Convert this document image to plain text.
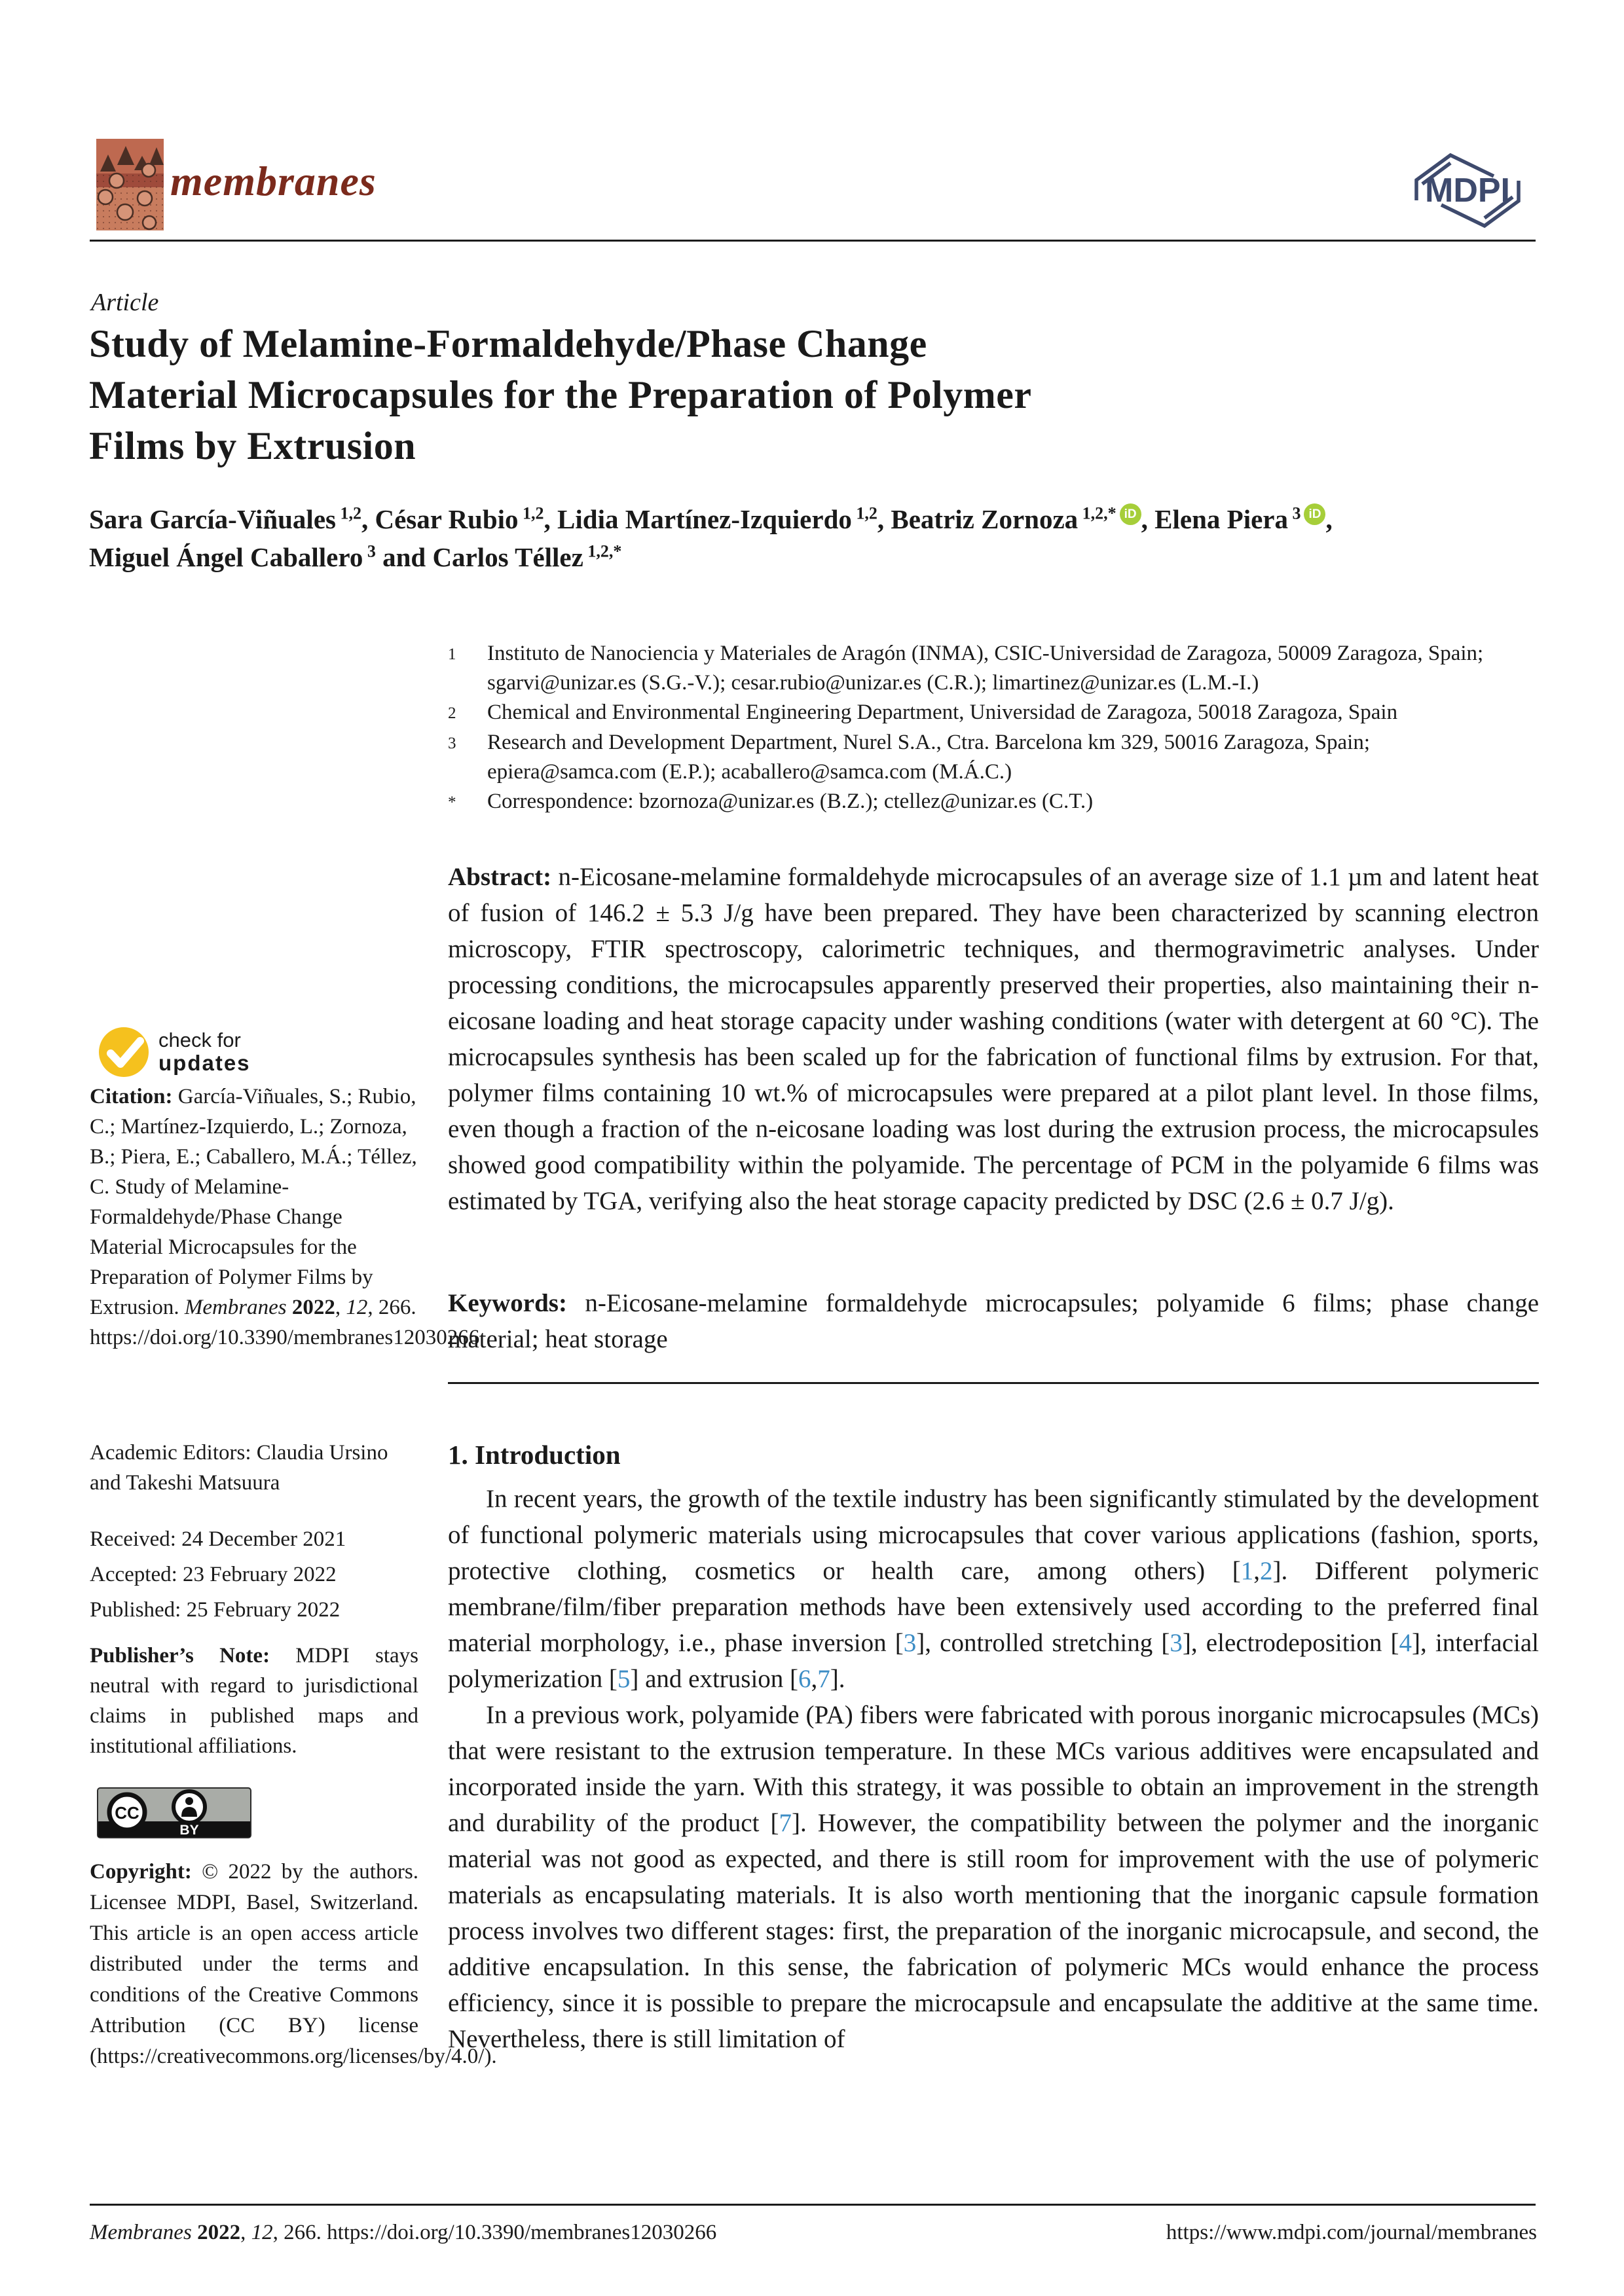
membranes	MDPI
Article
Study of Melamine-Formaldehyde/Phase Change
Material Microcapsules for the Preparation of Polymer
Films by Extrusion
Sara García-Viñuales $^{1,2}$, César Rubio $^{1,2}$, Lidia Martínez-Izquierdo $^{1,2}$, Beatriz Zornoza $^{1,2,*}$ iD , Elena Piera $^3$ iD ,
Miguel Ángel Caballero $^3$ and Carlos Téllez $^{1,2,*}$
1	Instituto de Nanociencia y Materiales de Aragón (INMA), CSIC-Universidad de Zaragoza, 50009 Zaragoza, Spain; sgarvi@unizar.es (S.G.-V.); cesar.rubio@unizar.es (C.R.); limartinez@unizar.es (L.M.-I.)
2	Chemical and Environmental Engineering Department, Universidad de Zaragoza, 50018 Zaragoza, Spain
3	Research and Development Department, Nurel S.A., Ctra. Barcelona km 329, 50016 Zaragoza, Spain; epiera@samca.com (E.P.); acaballero@samca.com (M.Á.C.)
*	Correspondence: bzornoza@unizar.es (B.Z.); ctellez@unizar.es (C.T.)
Abstract: n-Eicosane-melamine formaldehyde microcapsules of an average size of 1.1 µm and latent heat of fusion of 146.2 ± 5.3 J/g have been prepared. They have been characterized by scanning electron microscopy, FTIR spectroscopy, calorimetric techniques, and thermogravimetric analyses. Under processing conditions, the microcapsules apparently preserved their properties, also maintaining their n-eicosane loading and heat storage capacity under washing conditions (water with detergent at 60 °C). The microcapsules synthesis has been scaled up for the fabrication of functional films by extrusion. For that, polymer films containing 10 wt.% of microcapsules were prepared at a pilot plant level. In those films, even though a fraction of the n-eicosane loading was lost during the extrusion process, the microcapsules showed good compatibility within the polyamide. The percentage of PCM in the polyamide 6 films was estimated by TGA, verifying also the heat storage capacity predicted by DSC (2.6 ± 0.7 J/g).
Keywords: n-Eicosane-melamine formaldehyde microcapsules; polyamide 6 films; phase change material; heat storage
1. Introduction

In recent years, the growth of the textile industry has been significantly stimulated by the development of functional polymeric materials using microcapsules that cover various applications (fashion, sports, protective clothing, cosmetics or health care, among others) [1,2]. Different polymeric membrane/film/fiber preparation methods have been extensively used according to the preferred final material morphology, i.e., phase inversion [3], controlled stretching [3], electrodeposition [4], interfacial polymerization [5] and extrusion [6,7].

In a previous work, polyamide (PA) fibers were fabricated with porous inorganic microcapsules (MCs) that were resistant to the extrusion temperature. In these MCs various additives were encapsulated and incorporated inside the yarn. With this strategy, it was possible to obtain an improvement in the strength and durability of the product [7]. However, the compatibility between the polymer and the inorganic material was not good as expected, and there is still room for improvement with the use of polymeric materials as encapsulating materials. It is also worth mentioning that the inorganic capsule formation process involves two different stages: first, the preparation of the inorganic microcapsule, and second, the additive encapsulation. In this sense, the fabrication of polymeric MCs would enhance the process efficiency, since it is possible to prepare the microcapsule and encapsulate the additive at the same time. Nevertheless, there is still limitation of

check for
updates
Citation: García-Viñuales, S.; Rubio, C.; Martínez-Izquierdo, L.; Zornoza, B.; Piera, E.; Caballero, M.Á.; Téllez, C. Study of Melamine-Formaldehyde/Phase Change Material Microcapsules for the Preparation of Polymer Films by Extrusion. Membranes 2022, 12, 266. https://doi.org/10.3390/membranes12030266
Academic Editors: Claudia Ursino and Takeshi Matsuura
Received: 24 December 2021
Accepted: 23 February 2022
Published: 25 February 2022
Publisher’s Note: MDPI stays neutral with regard to jurisdictional claims in published maps and institutional affiliations.
CC
BY
Copyright: © 2022 by the authors. Licensee MDPI, Basel, Switzerland. This article is an open access article distributed under the terms and conditions of the Creative Commons Attribution (CC BY) license (https://creativecommons.org/licenses/by/4.0/).
Membranes 2022, 12, 266. https://doi.org/10.3390/membranes12030266	https://www.mdpi.com/journal/membranes
